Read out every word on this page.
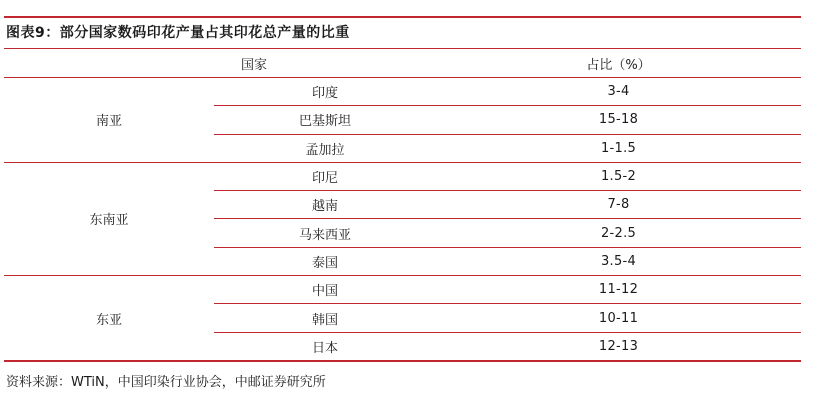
图表9：部分国家数码印花产量占其印花总产量的比重
国家		占比（%）
南亚	印度	3-4
	巴基斯坦	15-18
	孟加拉	1-1.5
东南亚	印尼	1.5-2
	越南	7-8
	马来西亚	2-2.5
	泰国	3.5-4
东亚	中国	11-12
	韩国	10-11
	日本	12-13
资料来源：WTiN，中国印染行业协会，中邮证券研究所
